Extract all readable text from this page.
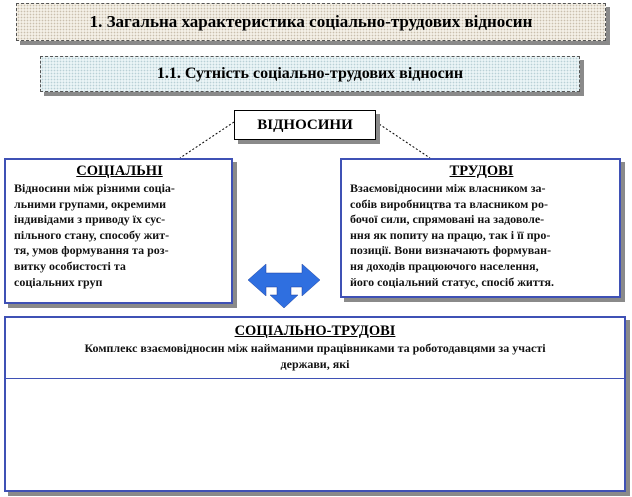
1. Загальна характеристика соціально-трудових відносин
1.1. Сутність соціально-трудових відносин
ВІДНОСИНИ
СОЦІАЛЬНІ
Відносини між різними соціа-
льними групами, окремими
індивідами з приводу їх сус-
пільного стану, способу жит-
тя, умов формування та роз-
витку особистості та
соціальних груп
ТРУДОВІ
Взаємовідносини між власником за-
собів виробництва та власником ро-
бочої сили, спрямовані на задоволе-
ння як попиту на працю, так і її про-
позиції. Вони визначають формуван-
ня доходів працюючого населення,
його соціальний статус, спосіб життя.
СОЦІАЛЬНО-ТРУДОВІ
Комплекс взаємовідносин між найманими працівниками та роботодавцями за участі
держави, які
